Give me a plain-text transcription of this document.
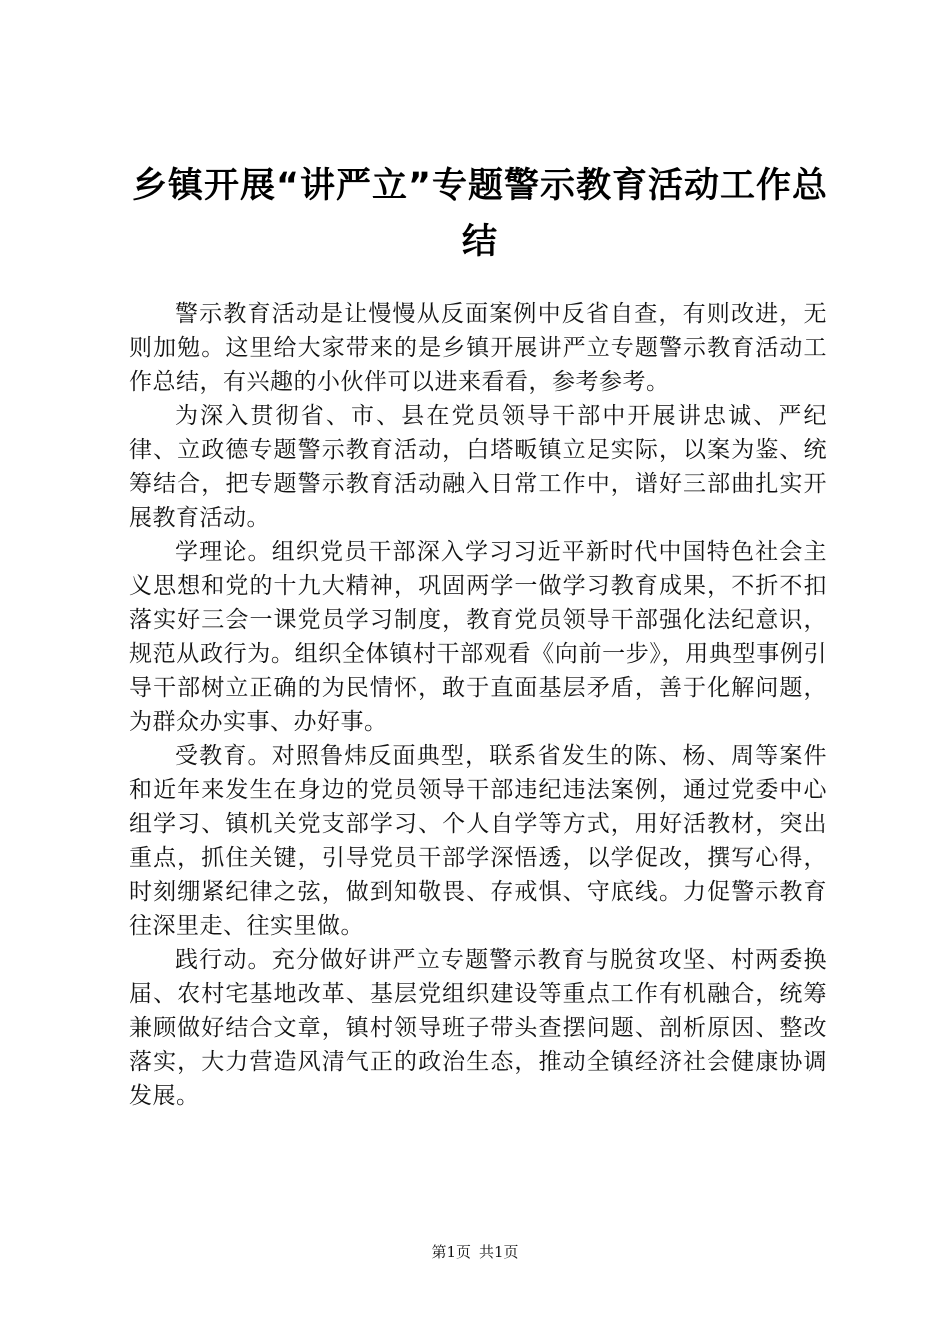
乡镇开展“讲严立”专题警示教育活动工作总结

警示教育活动是让慢慢从反面案例中反省自查，有则改进，无则加勉。这里给大家带来的是乡镇开展讲严立专题警示教育活动工作总结，有兴趣的小伙伴可以进来看看，参考参考。

为深入贯彻省、市、县在党员领导干部中开展讲忠诚、严纪律、立政德专题警示教育活动，白塔畈镇立足实际，以案为鉴、统筹结合，把专题警示教育活动融入日常工作中，谱好三部曲扎实开展教育活动。

学理论。组织党员干部深入学习习近平新时代中国特色社会主义思想和党的十九大精神，巩固两学一做学习教育成果，不折不扣落实好三会一课党员学习制度，教育党员领导干部强化法纪意识，规范从政行为。组织全体镇村干部观看《向前一步》，用典型事例引导干部树立正确的为民情怀，敢于直面基层矛盾，善于化解问题，为群众办实事、办好事。

受教育。对照鲁炜反面典型，联系省发生的陈、杨、周等案件和近年来发生在身边的党员领导干部违纪违法案例，通过党委中心组学习、镇机关党支部学习、个人自学等方式，用好活教材，突出重点，抓住关键，引导党员干部学深悟透，以学促改，撰写心得，时刻绷紧纪律之弦，做到知敬畏、存戒惧、守底线。力促警示教育往深里走、往实里做。

践行动。充分做好讲严立专题警示教育与脱贫攻坚、村两委换届、农村宅基地改革、基层党组织建设等重点工作有机融合，统筹兼顾做好结合文章，镇村领导班子带头查摆问题、剖析原因、整改落实，大力营造风清气正的政治生态，推动全镇经济社会健康协调发展。

第1页 共1页
